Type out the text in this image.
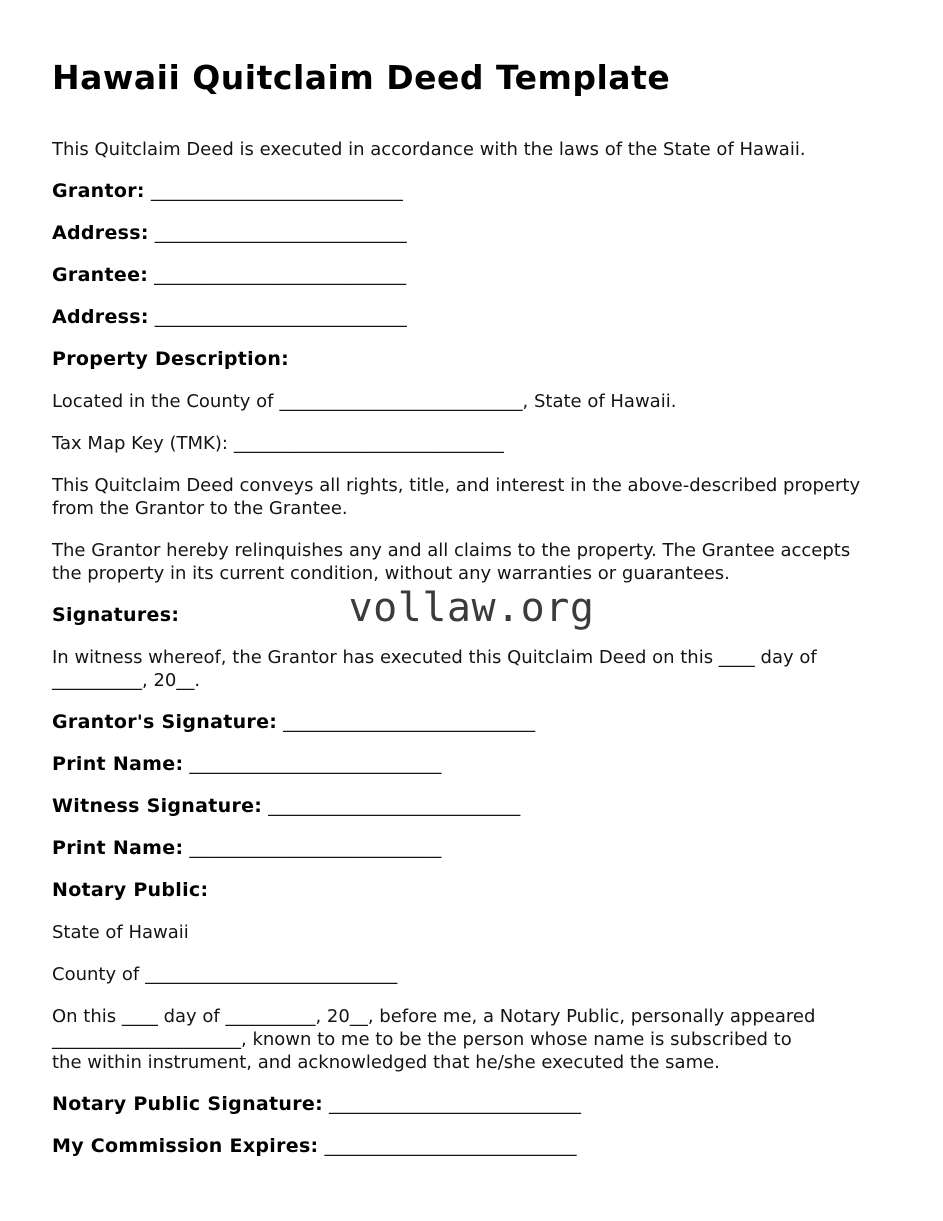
vollaw.org
Hawaii Quitclaim Deed Template
This Quitclaim Deed is executed in accordance with the laws of the State of Hawaii.

Grantor: ____________________________

Address: ____________________________

Grantee: ____________________________

Address: ____________________________

Property Description:

Located in the County of ___________________________, State of Hawaii.

Tax Map Key (TMK): ______________________________

This Quitclaim Deed conveys all rights, title, and interest in the above-described property
from the Grantor to the Grantee.
The Grantor hereby relinquishes any and all claims to the property. The Grantee accepts
the property in its current condition, without any warranties or guarantees.

Signatures:

In witness whereof, the Grantor has executed this Quitclaim Deed on this ____ day of
__________, 20__.

Grantor's Signature: ____________________________

Print Name: ____________________________

Witness Signature: ____________________________

Print Name: ____________________________

Notary Public:

State of Hawaii

County of ____________________________

On this ____ day of __________, 20__, before me, a Notary Public, personally appeared
_____________________, known to me to be the person whose name is subscribed to
the within instrument, and acknowledged that he/she executed the same.

Notary Public Signature: ____________________________

My Commission Expires: ____________________________
